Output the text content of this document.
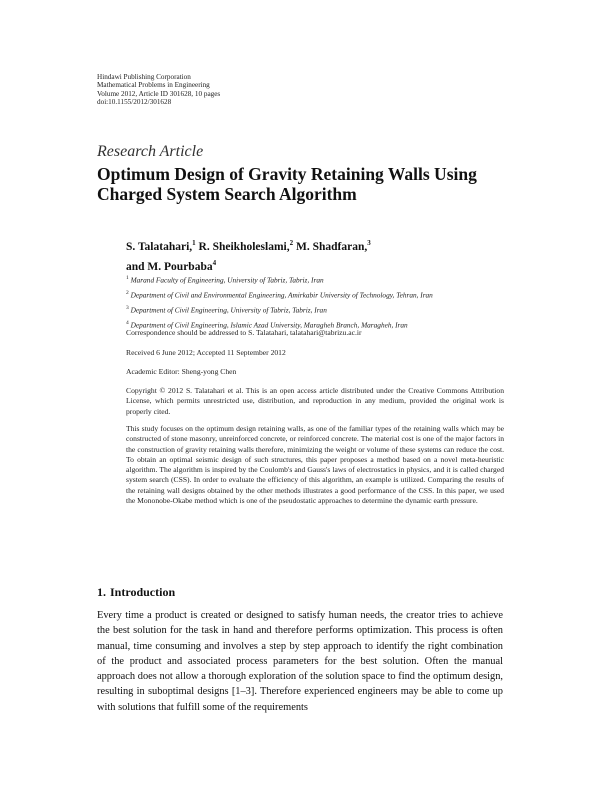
Hindawi Publishing Corporation
Mathematical Problems in Engineering
Volume 2012, Article ID 301628, 10 pages
doi:10.1155/2012/301628
Research Article
Optimum Design of Gravity Retaining Walls Using Charged System Search Algorithm
S. Talatahari,$^1$ R. Sheikholeslami,$^2$ M. Shadfaran,$^3$
and M. Pourbaba$^4$
$^1$ Marand Faculty of Engineering, University of Tabriz, Tabriz, Iran
$^2$ Department of Civil and Environmental Engineering, Amirkabir University of Technology, Tehran, Iran
$^3$ Department of Civil Engineering, University of Tabriz, Tabriz, Iran
$^4$ Department of Civil Engineering, Islamic Azad University, Maragheh Branch, Maragheh, Iran
Correspondence should be addressed to S. Talatahari, talatahari@tabrizu.ac.ir
Received 6 June 2012; Accepted 11 September 2012
Academic Editor: Sheng-yong Chen
Copyright © 2012 S. Talatahari et al. This is an open access article distributed under the Creative Commons Attribution License, which permits unrestricted use, distribution, and reproduction in any medium, provided the original work is properly cited.
This study focuses on the optimum design retaining walls, as one of the familiar types of the retaining walls which may be constructed of stone masonry, unreinforced concrete, or reinforced concrete. The material cost is one of the major factors in the construction of gravity retaining walls therefore, minimizing the weight or volume of these systems can reduce the cost. To obtain an optimal seismic design of such structures, this paper proposes a method based on a novel meta-heuristic algorithm. The algorithm is inspired by the Coulomb's and Gauss's laws of electrostatics in physics, and it is called charged system search (CSS). In order to evaluate the efficiency of this algorithm, an example is utilized. Comparing the results of the retaining wall designs obtained by the other methods illustrates a good performance of the CSS. In this paper, we used the Mononobe-Okabe method which is one of the pseudostatic approaches to determine the dynamic earth pressure.
1. Introduction
Every time a product is created or designed to satisfy human needs, the creator tries to achieve the best solution for the task in hand and therefore performs optimization. This process is often manual, time consuming and involves a step by step approach to identify the right combination of the product and associated process parameters for the best solution. Often the manual approach does not allow a thorough exploration of the solution space to find the optimum design, resulting in suboptimal designs [1–3]. Therefore experienced engineers may be able to come up with solutions that fulfill some of the requirements
